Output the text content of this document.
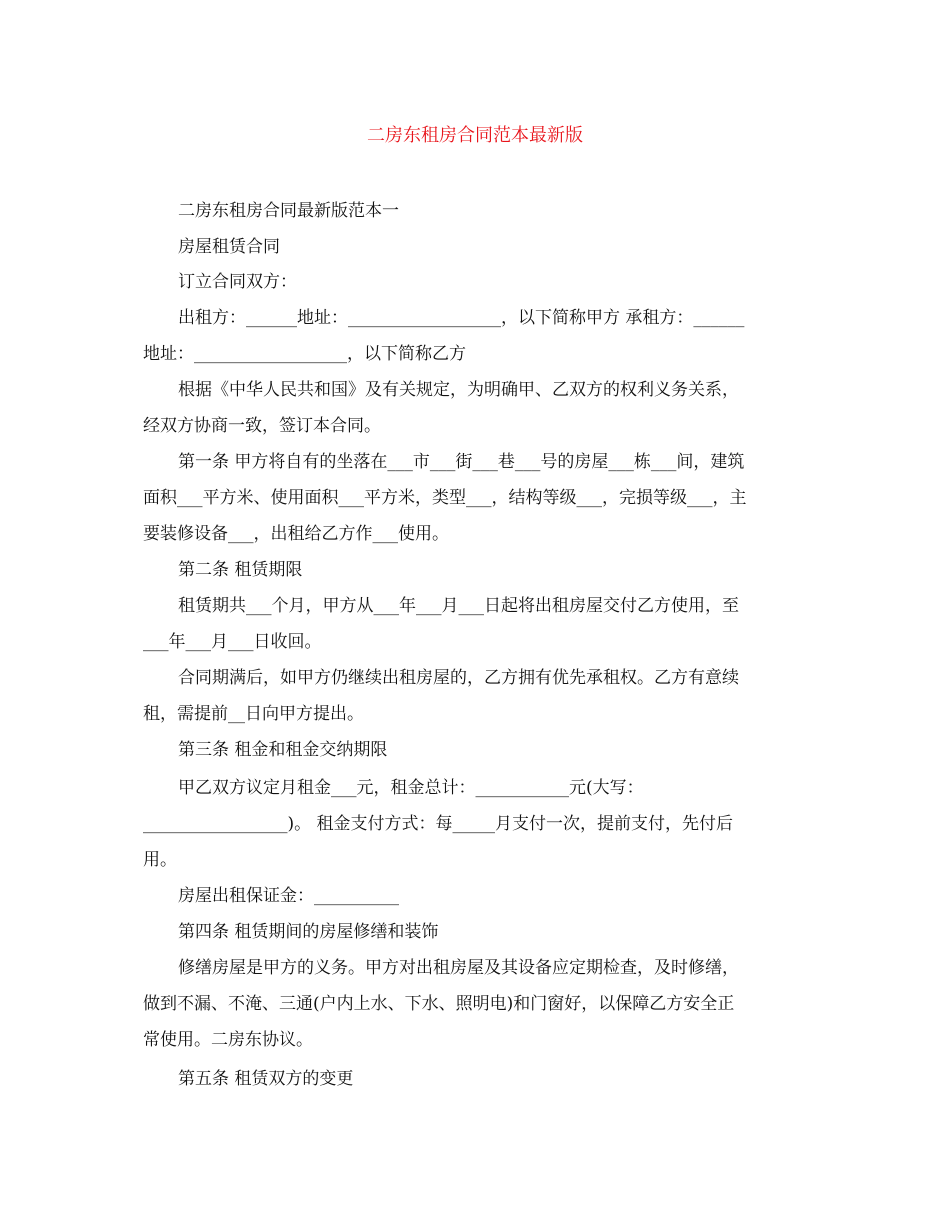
二房东租房合同范本最新版
二房东租房合同最新版范本一
房屋租赁合同
订立合同双方：
出租方：______地址：__________________，以下简称甲方 承租方：______
地址：__________________，以下简称乙方
根据《中华人民共和国》及有关规定，为明确甲、乙双方的权利义务关系，
经双方协商一致，签订本合同。
第一条 甲方将自有的坐落在___市___街___巷___号的房屋___栋___间，建筑
面积___平方米、使用面积___平方米，类型___，结构等级___，完损等级___，主
要装修设备___，出租给乙方作___使用。
第二条 租赁期限
租赁期共___个月，甲方从___年___月___日起将出租房屋交付乙方使用，至
___年___月___日收回。
合同期满后，如甲方仍继续出租房屋的，乙方拥有优先承租权。乙方有意续
租，需提前__日向甲方提出。
第三条 租金和租金交纳期限
甲乙双方议定月租金___元，租金总计：___________元(大写：
_________________)。 租金支付方式：每_____月支付一次，提前支付，先付后
用。
房屋出租保证金：__________
第四条 租赁期间的房屋修缮和装饰
修缮房屋是甲方的义务。甲方对出租房屋及其设备应定期检查，及时修缮，
做到不漏、不淹、三通(户内上水、下水、照明电)和门窗好，以保障乙方安全正
常使用。二房东协议。
第五条 租赁双方的变更
